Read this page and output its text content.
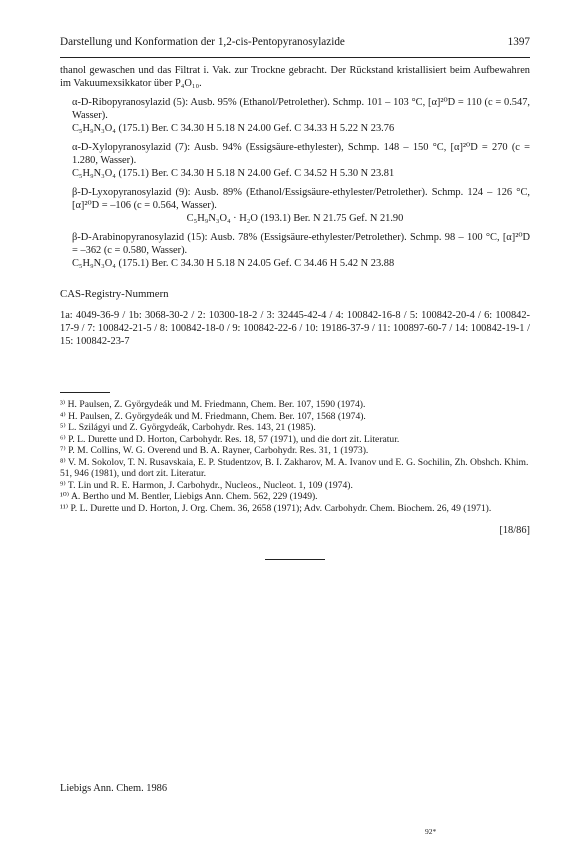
Darstellung und Konformation der 1,2-cis-Pentopyranosylazide	1397

thanol gewaschen und das Filtrat i. Vak. zur Trockne gebracht. Der Rückstand kristallisiert beim Aufbewahren im Vakuumexsikkator über P₄O₁₀.

α-D-Ribopyranosylazid (5): Ausb. 95% (Ethanol/Petrolether). Schmp. 101 – 103 °C, [α]²⁰D = 110 (c = 0.547, Wasser).

C₅H₉N₃O₄ (175.1) Ber. C 34.30 H 5.18 N 24.00 Gef. C 34.33 H 5.22 N 23.76

α-D-Xylopyranosylazid (7): Ausb. 94% (Essigsäure-ethylester), Schmp. 148 – 150 °C, [α]²⁰D = 270 (c = 1.280, Wasser).

C₅H₉N₃O₄ (175.1) Ber. C 34.30 H 5.18 N 24.00 Gef. C 34.52 H 5.30 N 23.81

β-D-Lyxopyranosylazid (9): Ausb. 89% (Ethanol/Essigsäure-ethylester/Petrolether). Schmp. 124 – 126 °C, [α]²⁰D = –106 (c = 0.564, Wasser).

C₅H₉N₃O₄ · H₂O (193.1) Ber. N 21.75 Gef. N 21.90

β-D-Arabinopyranosylazid (15): Ausb. 78% (Essigsäure-ethylester/Petrolether). Schmp. 98 – 100 °C, [α]²⁰D = –362 (c = 0.580, Wasser).

C₅H₉N₃O₄ (175.1) Ber. C 34.30 H 5.18 N 24.05 Gef. C 34.46 H 5.42 N 23.88

CAS-Registry-Nummern

1a: 4049-36-9 / 1b: 3068-30-2 / 2: 10300-18-2 / 3: 32445-42-4 / 4: 100842-16-8 / 5: 100842-20-4 / 6: 100842-17-9 / 7: 100842-21-5 / 8: 100842-18-0 / 9: 100842-22-6 / 10: 19186-37-9 / 11: 100897-60-7 / 14: 100842-19-1 / 15: 100842-23-7

³⁾ H. Paulsen, Z. Györgydeák und M. Friedmann, Chem. Ber. 107, 1590 (1974).

⁴⁾ H. Paulsen, Z. Györgydeák und M. Friedmann, Chem. Ber. 107, 1568 (1974).

⁵⁾ L. Szilágyi und Z. Györgydeák, Carbohydr. Res. 143, 21 (1985).

⁶⁾ P. L. Durette und D. Horton, Carbohydr. Res. 18, 57 (1971), und die dort zit. Literatur.

⁷⁾ P. M. Collins, W. G. Overend und B. A. Rayner, Carbohydr. Res. 31, 1 (1973).

⁸⁾ V. M. Sokolov, T. N. Rusavskaia, E. P. Studentzov, B. I. Zakharov, M. A. Ivanov und E. G. Sochilin, Zh. Obshch. Khim. 51, 946 (1981), und dort zit. Literatur.

⁹⁾ T. Lin und R. E. Harmon, J. Carbohydr., Nucleos., Nucleot. 1, 109 (1974).

¹⁰⁾ A. Bertho und M. Bentler, Liebigs Ann. Chem. 562, 229 (1949).

¹¹⁾ P. L. Durette und D. Horton, J. Org. Chem. 36, 2658 (1971); Adv. Carbohydr. Chem. Biochem. 26, 49 (1971).

[18/86]

Liebigs Ann. Chem. 1986
92*
